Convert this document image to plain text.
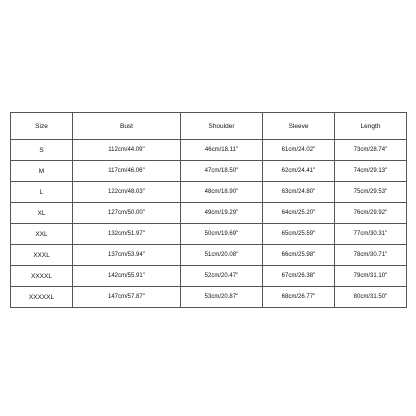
Size	Bust	Shoulder	Sleeve	Length
S	112cm/44.09''	46cm/18.11''	61cm/24.02''	73cm/28.74''
M	117cm/46.06''	47cm/18.50''	62cm/24.41''	74cm/29.13''
L	122cm/48.03''	48cm/18.90''	63cm/24.80''	75cm/29.53''
XL	127cm/50.00''	49cm/19.29''	64cm/25.20''	76cm/29.92''
XXL	132cm/51.97''	50cm/19.69''	65cm/25.59''	77cm/30.31''
XXXL	137cm/53.94''	51cm/20.08''	66cm/25.98''	78cm/30.71''
XXXXL	142cm/55.91''	52cm/20.47''	67cm/26.38''	79cm/31.10''
XXXXXL	147cm/57.87''	53cm/20.87''	68cm/26.77''	80cm/31.50''
